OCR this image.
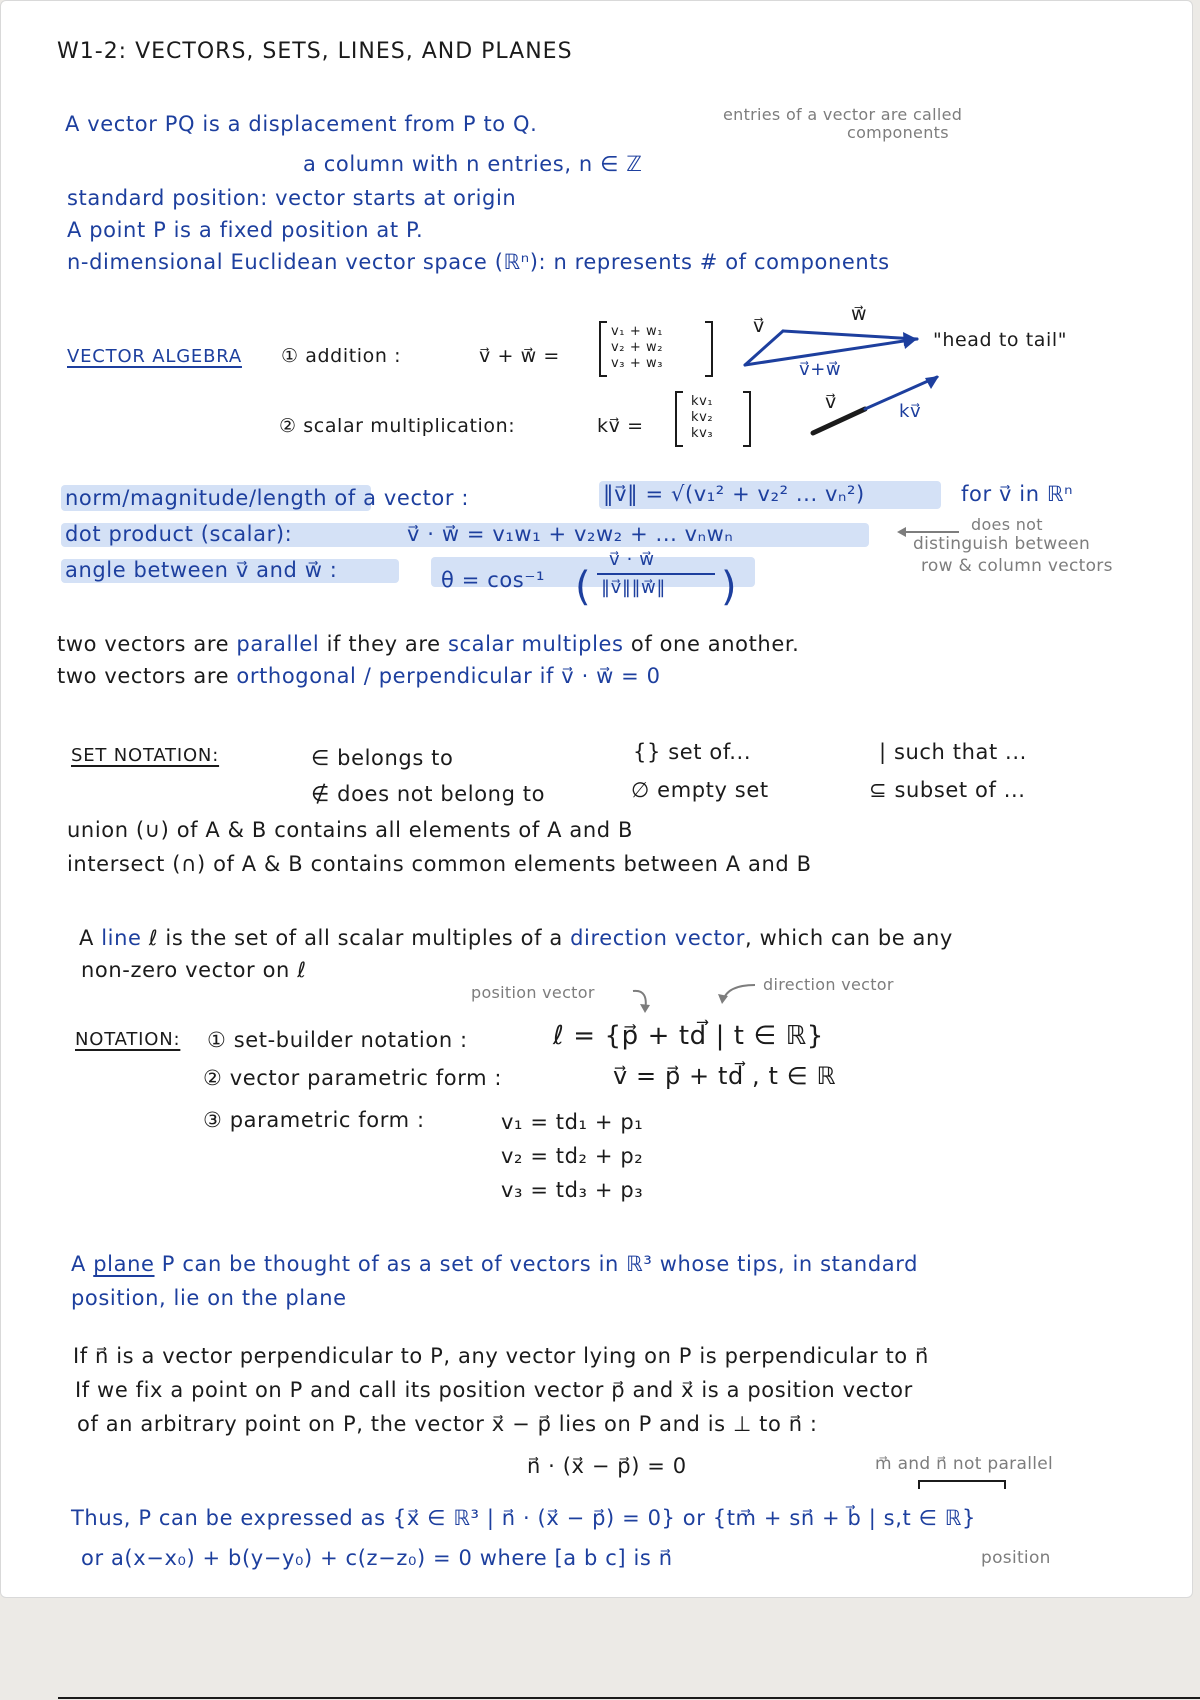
W1-2: VECTORS, SETS, LINES, AND PLANES
A vector PQ is a displacement from P to Q.	entries of a vector are called
components
a column with n entries, n ∈ ℤ
standard position: vector starts at origin
A point P is a fixed position at P.
n-dimensional Euclidean vector space (ℝⁿ): n represents # of components
VECTOR ALGEBRA ① addition :	v⃗ + w⃗ =
v₁ + w₁
v₂ + w₂
v₃ + w₃
v⃗
w⃗
v⃗+w⃗
"head to tail"
② scalar multiplication:	kv⃗ =
kv₁
kv₂
kv₃
v⃗	kv⃗
norm/magnitude/length of a vector :	‖v⃗‖ = √(v₁² + v₂² ... vₙ²)	for v⃗ in ℝⁿ
dot product (scalar):	v⃗ · w⃗ = v₁w₁ + v₂w₂ + ... vₙwₙ	does not
distinguish between
row & column vectors
angle between v⃗ and w⃗ :	θ = cos⁻¹ (
v⃗ · w⃗
‖v⃗‖‖w⃗‖ )
two vectors are parallel if they are scalar multiples of one another.
two vectors are orthogonal / perpendicular if v⃗ · w⃗ = 0
SET NOTATION:	∈ belongs to
∉ does not belong to
{} set of...
∅ empty set
| such that ...
⊆ subset of ...
union (∪) of A & B contains all elements of A and B
intersect (∩) of A & B contains common elements between A and B
A line ℓ is the set of all scalar multiples of a direction vector, which can be any
non-zero vector on ℓ
position vector	direction vector
NOTATION: ① set-builder notation :	ℓ = {p⃗ + td⃗ | t ∈ ℝ}
② vector parametric form :	v⃗ = p⃗ + td⃗ , t ∈ ℝ
③ parametric form :	v₁ = td₁ + p₁
v₂ = td₂ + p₂
v₃ = td₃ + p₃
A plane P can be thought of as a set of vectors in ℝ³ whose tips, in standard
position, lie on the plane
If n⃗ is a vector perpendicular to P, any vector lying on P is perpendicular to n⃗
If we fix a point on P and call its position vector p⃗ and x⃗ is a position vector
of an arbitrary point on P, the vector x⃗ − p⃗ lies on P and is ⊥ to n⃗ :
n⃗ · (x⃗ − p⃗) = 0	m⃗ and n⃗ not parallel
Thus, P can be expressed as {x⃗ ∈ ℝ³ | n⃗ · (x⃗ − p⃗) = 0} or {tm⃗ + sn⃗ + b⃗ | s,t ∈ ℝ}
or a(x−x₀) + b(y−y₀) + c(z−z₀) = 0 where [a b c] is n⃗	position
